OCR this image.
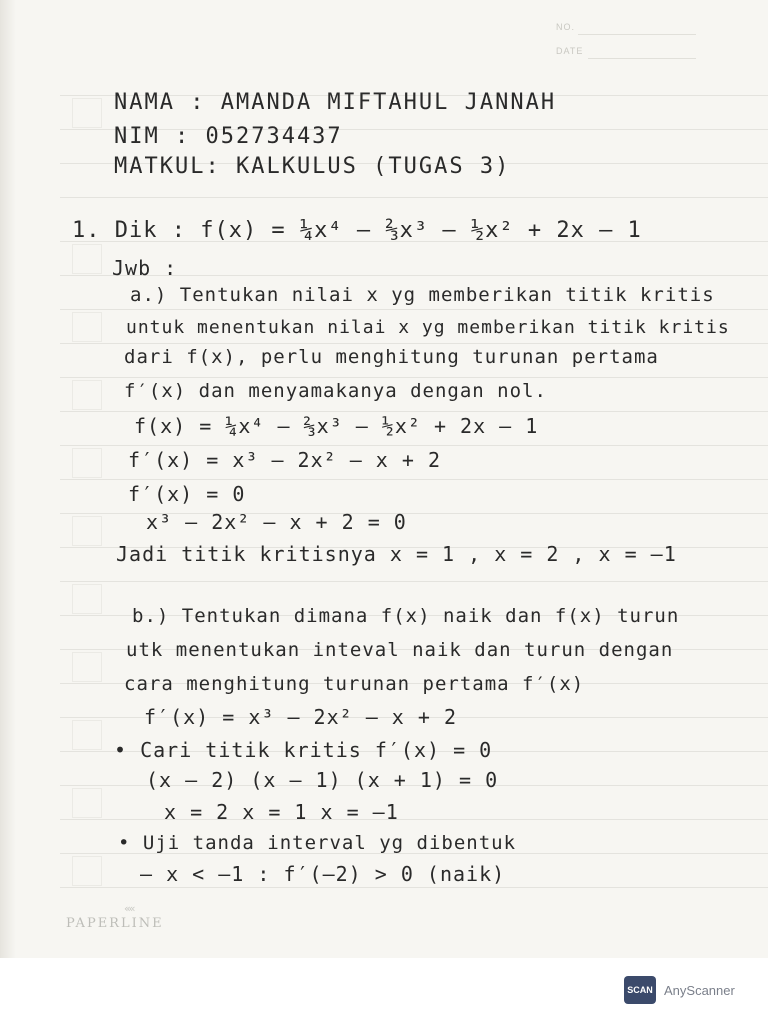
NO.
DATE
NAMA : AMANDA MIFTAHUL JANNAH
NIM : 052734437
MATKUL: KALKULUS (TUGAS 3)
1. Dik : f(x) = ¼x⁴ – ⅔x³ – ½x² + 2x – 1
Jwb :
a.) Tentukan nilai x yg memberikan titik kritis
untuk menentukan nilai x yg memberikan titik kritis
dari f(x), perlu menghitung turunan pertama
f′(x) dan menyamakanya dengan nol.
f(x) = ¼x⁴ – ⅔x³ – ½x² + 2x – 1
f′(x) = x³ – 2x² – x + 2
f′(x) = 0
x³ – 2x² – x + 2 = 0
Jadi titik kritisnya x = 1 , x = 2 , x = –1
b.) Tentukan dimana f(x) naik dan f(x) turun
utk menentukan inteval naik dan turun dengan
cara menghitung turunan pertama f′(x)
f′(x) = x³ – 2x² – x + 2
• Cari titik kritis f′(x) = 0
(x – 2) (x – 1) (x + 1) = 0
x = 2 x = 1 x = –1
• Uji tanda interval yg dibentuk
– x < –1 : f′(–2) > 0 (naik)
««
PAPERLINE
SCAN AnyScanner
